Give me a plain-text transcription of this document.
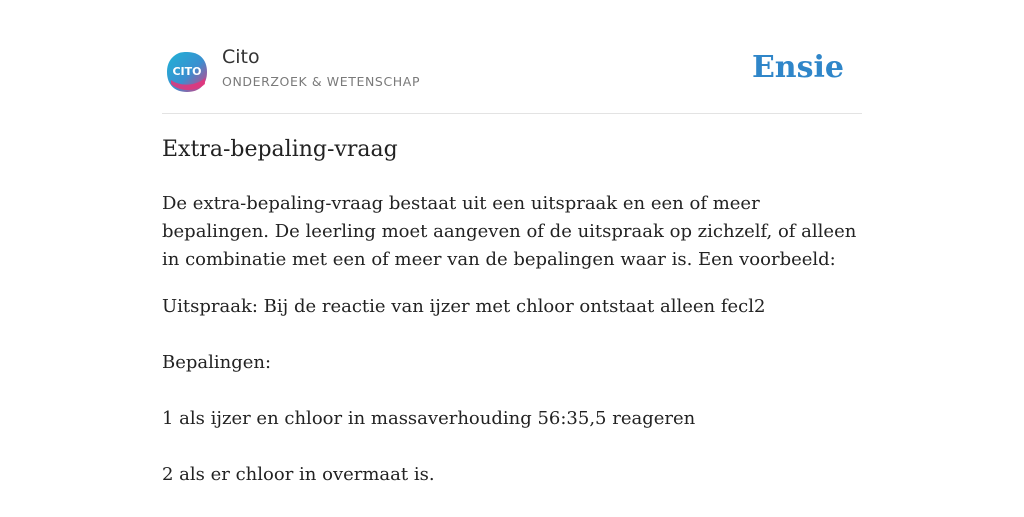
CITO
Cito
ONDERZOEK & WETENSCHAP	Ensie
Extra-bepaling-vraag

De extra-bepaling-vraag bestaat uit een uitspraak en een of meer bepalingen. De leerling moet aangeven of de uitspraak op zichzelf, of alleen in combinatie met een of meer van de bepalingen waar is. Een voorbeeld:

Uitspraak: Bij de reactie van ijzer met chloor ontstaat alleen fecl2

Bepalingen:

1 als ijzer en chloor in massaverhouding 56:35,5 reageren

2 als er chloor in overmaat is.
